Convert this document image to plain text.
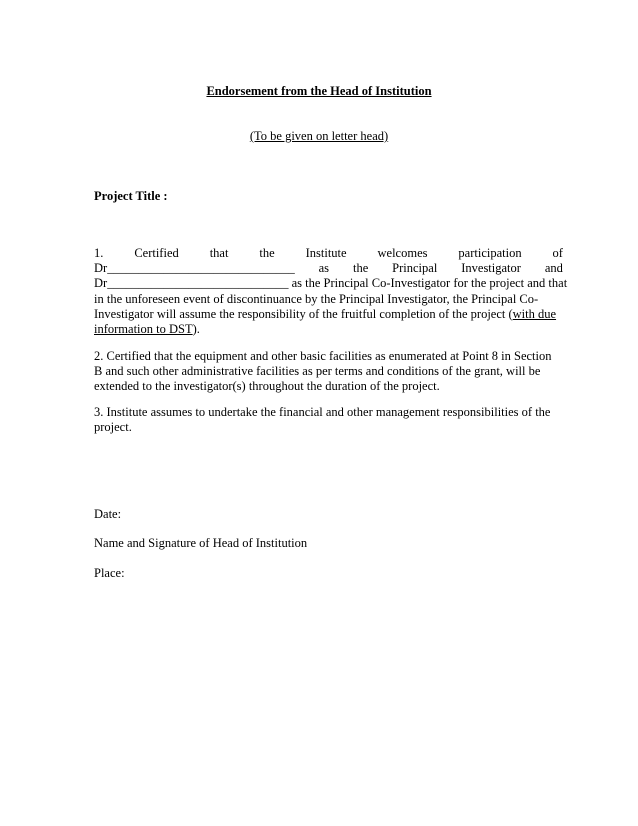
Endorsement from the Head of Institution
(To be given on letter head)
Project Title :
1. Certified that the Institute welcomes participation of
Dr______________________________ as the Principal Investigator and
Dr_____________________________ as the Principal Co-Investigator for the project and that
in the unforeseen event of discontinuance by the Principal Investigator, the Principal Co-
Investigator will assume the responsibility of the fruitful completion of the project (with due
information to DST).
2. Certified that the equipment and other basic facilities as enumerated at Point 8 in Section
B and such other administrative facilities as per terms and conditions of the grant, will be
extended to the investigator(s) throughout the duration of the project.
3. Institute assumes to undertake the financial and other management responsibilities of the
project.
Date:
Name and Signature of Head of Institution
Place:
